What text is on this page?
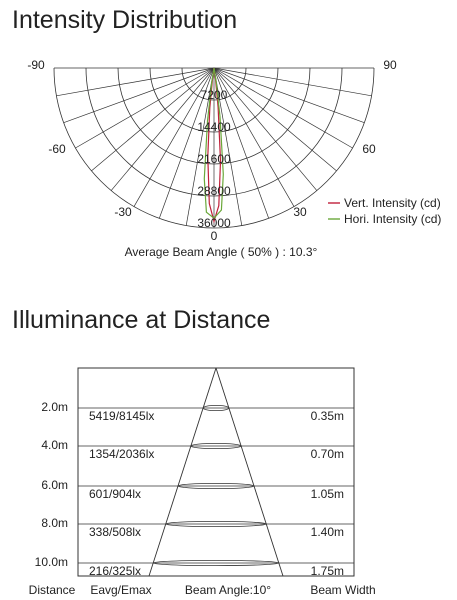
Intensity Distribution
7200
14400
21600
28800
36000
-90
-60
-30
0
30
60
90
Vert. Intensity (cd)
Hori. Intensity (cd)
Average Beam Angle ( 50% ) : 10.3°
Illuminance at Distance
2.0m
5419/8145lx	0.35m
4.0m
1354/2036lx	0.70m
6.0m
601/904lx	1.05m
8.0m
338/508lx	1.40m
10.0m
216/325lx	1.75m
Distance Eavg/Emax	Beam Angle:10°	Beam Width
